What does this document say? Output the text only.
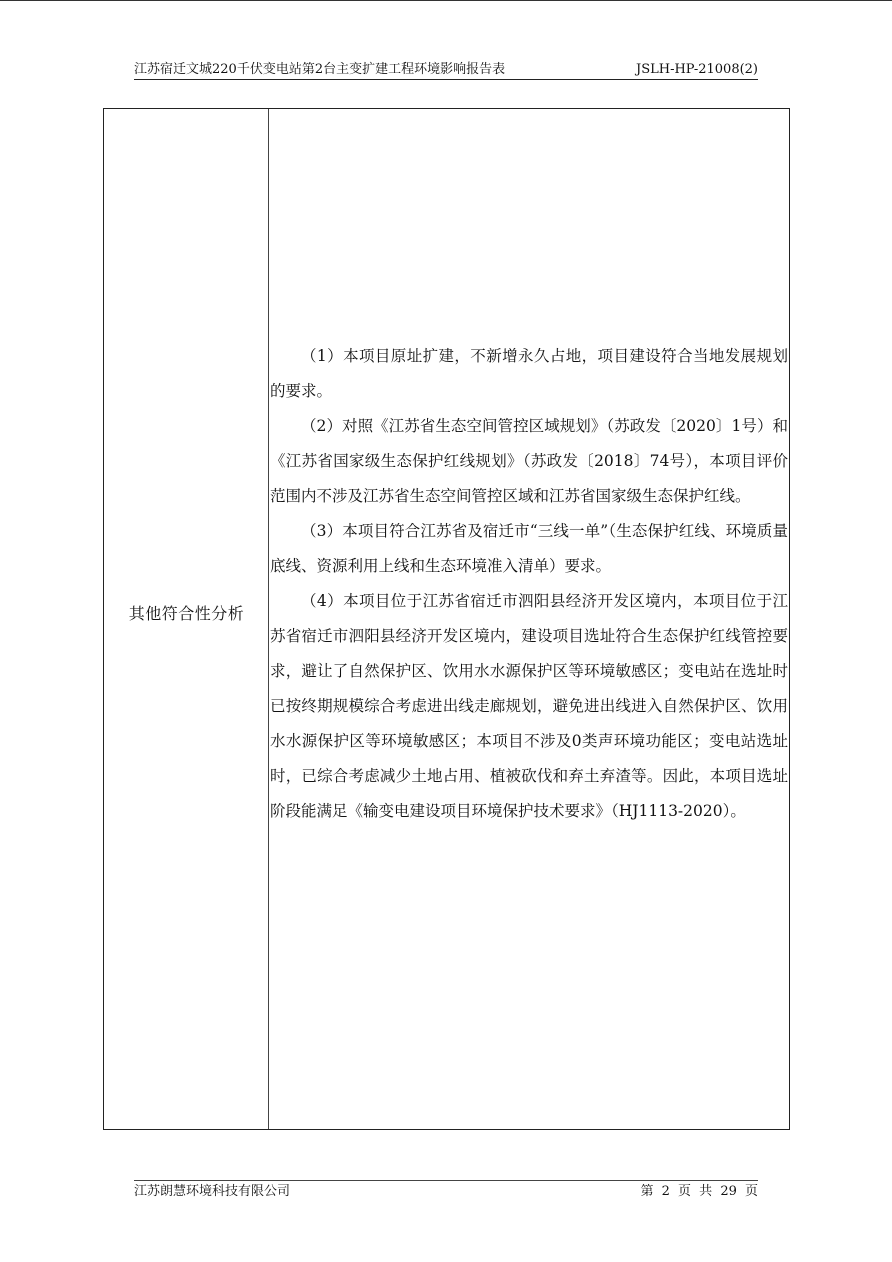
江苏宿迁文城220千伏变电站第2台主变扩建工程环境影响报告表	JSLH-HP-21008(2)
其他符合性分析

（1）本项目原址扩建，不新增永久占地，项目建设符合当地发展规划的要求。

（2）对照《江苏省生态空间管控区域规划》（苏政发〔2020〕1号）和《江苏省国家级生态保护红线规划》（苏政发〔2018〕74号），本项目评价范围内不涉及江苏省生态空间管控区域和江苏省国家级生态保护红线。

（3）本项目符合江苏省及宿迁市“三线一单”（生态保护红线、环境质量底线、资源利用上线和生态环境准入清单）要求。

（4）本项目位于江苏省宿迁市泗阳县经济开发区境内，本项目位于江苏省宿迁市泗阳县经济开发区境内，建设项目选址符合生态保护红线管控要求，避让了自然保护区、饮用水水源保护区等环境敏感区；变电站在选址时已按终期规模综合考虑进出线走廊规划，避免进出线进入自然保护区、饮用水水源保护区等环境敏感区；本项目不涉及0类声环境功能区；变电站选址时，已综合考虑减少土地占用、植被砍伐和弃土弃渣等。因此，本项目选址阶段能满足《输变电建设项目环境保护技术要求》（HJ1113-2020）。

江苏朗慧环境科技有限公司	第 2 页 共 29 页
